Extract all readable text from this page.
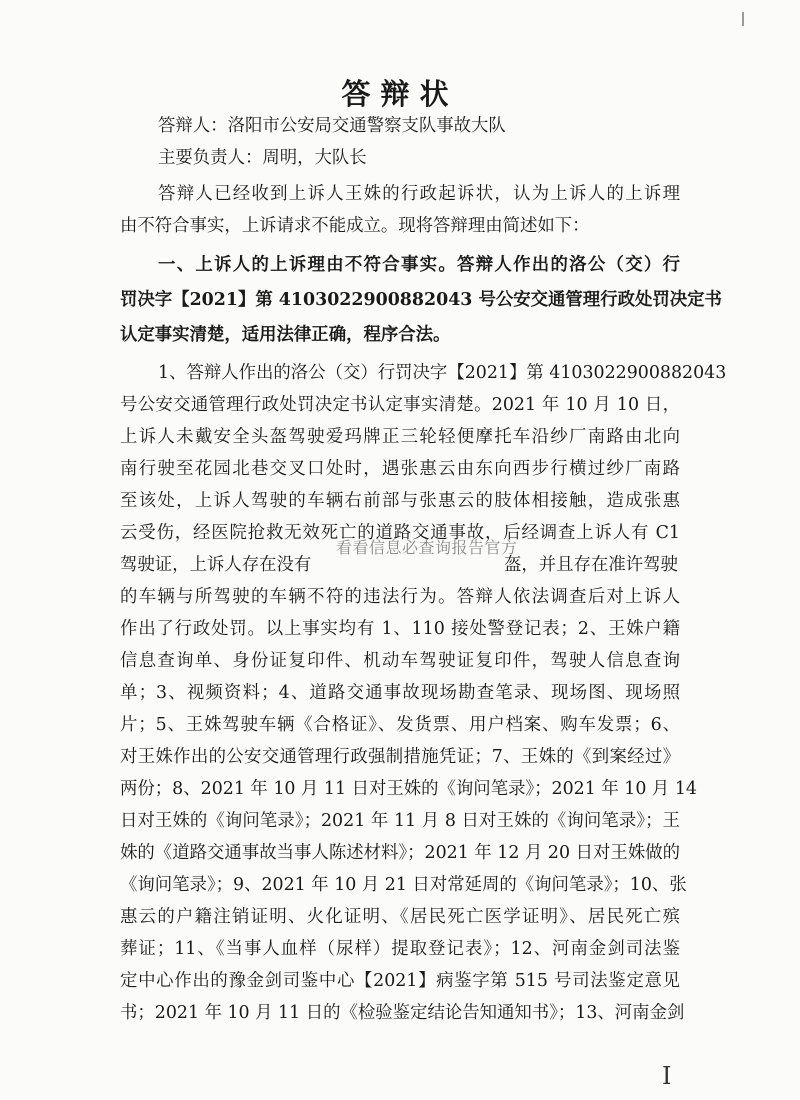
答辩状
答辩人：洛阳市公安局交通警察支队事故大队
主要负责人：周明，大队长
答辩人已经收到上诉人王姝的行政起诉状，认为上诉人的上诉理
由不符合事实，上诉请求不能成立。现将答辩理由简述如下：
一、上诉人的上诉理由不符合事实。答辩人作出的洛公（交）行
罚决字【2021】第 4103022900882043 号公安交通管理行政处罚决定书
认定事实清楚，适用法律正确，程序合法。
1、答辩人作出的洛公（交）行罚决字【2021】第 4103022900882043
号公安交通管理行政处罚决定书认定事实清楚。2021 年 10 月 10 日，
上诉人未戴安全头盔驾驶爱玛牌正三轮轻便摩托车沿纱厂南路由北向
南行驶至花园北巷交叉口处时，遇张惠云由东向西步行横过纱厂南路
至该处，上诉人驾驶的车辆右前部与张惠云的肢体相接触，造成张惠
云受伤，经医院抢救无效死亡的道路交通事故，后经调查上诉人有 C1
驾驶证，上诉人存在没有	盔，并且存在准许驾驶
的车辆与所驾驶的车辆不符的违法行为。答辩人依法调查后对上诉人
作出了行政处罚。以上事实均有 1、110 接处警登记表；2、王姝户籍
信息查询单、身份证复印件、机动车驾驶证复印件，驾驶人信息查询
单；3、视频资料；4、道路交通事故现场勘查笔录、现场图、现场照
片；5、王姝驾驶车辆《合格证》、发货票、用户档案、购车发票；6、
对王姝作出的公安交通管理行政强制措施凭证；7、王姝的《到案经过》
两份；8、2021 年 10 月 11 日对王姝的《询问笔录》；2021 年 10 月 14
日对王姝的《询问笔录》；2021 年 11 月 8 日对王姝的《询问笔录》；王
姝的《道路交通事故当事人陈述材料》；2021 年 12 月 20 日对王姝做的
《询问笔录》；9、2021 年 10 月 21 日对常延周的《询问笔录》；10、张
惠云的户籍注销证明、火化证明、《居民死亡医学证明》、居民死亡殡
葬证；11、《当事人血样（尿样）提取登记表》；12、河南金剑司法鉴
定中心作出的豫金剑司鉴中心【2021】病鉴字第 515 号司法鉴定意见
书；2021 年 10 月 11 日的《检验鉴定结论告知通知书》；13、河南金剑
看看信息必查询报告官方
I
